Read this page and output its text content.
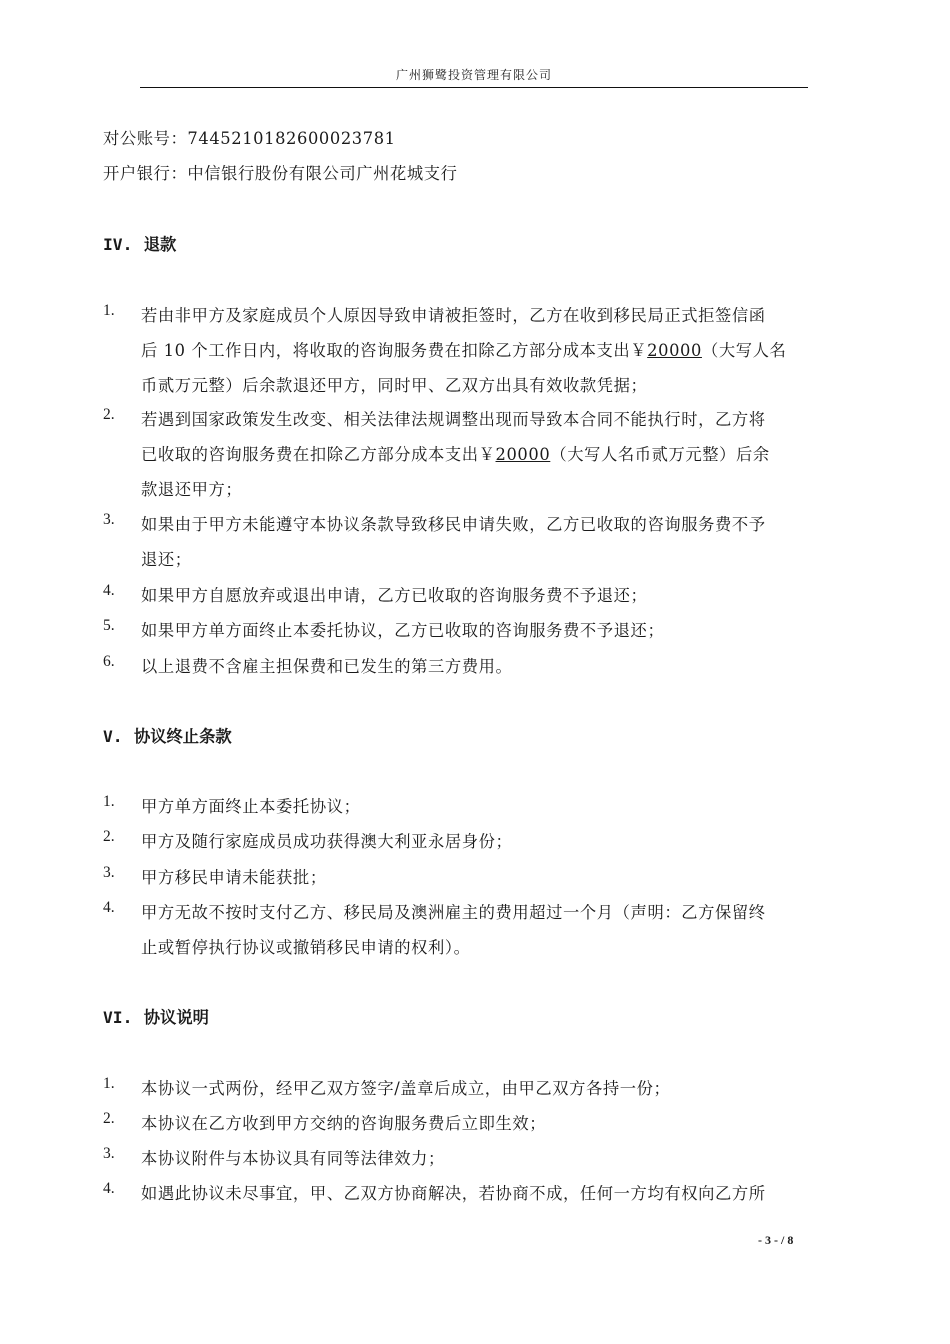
广州狮鹭投资管理有限公司
对公账号：7445210182600023781
开户银行：中信银行股份有限公司广州花城支行
IV. 退款
1. 若由非甲方及家庭成员个人原因导致申请被拒签时，乙方在收到移民局正式拒签信函
后 10 个工作日内，将收取的咨询服务费在扣除乙方部分成本支出￥20000（大写人名
币贰万元整）后余款退还甲方，同时甲、乙双方出具有效收款凭据；
2. 若遇到国家政策发生改变、相关法律法规调整出现而导致本合同不能执行时，乙方将
已收取的咨询服务费在扣除乙方部分成本支出￥20000（大写人名币贰万元整）后余
款退还甲方；
3. 如果由于甲方未能遵守本协议条款导致移民申请失败，乙方已收取的咨询服务费不予
退还；
4. 如果甲方自愿放弃或退出申请，乙方已收取的咨询服务费不予退还；
5. 如果甲方单方面终止本委托协议，乙方已收取的咨询服务费不予退还；
6. 以上退费不含雇主担保费和已发生的第三方费用。
V. 协议终止条款
1. 甲方单方面终止本委托协议；
2. 甲方及随行家庭成员成功获得澳大利亚永居身份；
3. 甲方移民申请未能获批；
4. 甲方无故不按时支付乙方、移民局及澳洲雇主的费用超过一个月（声明：乙方保留终
止或暂停执行协议或撤销移民申请的权利）。
VI. 协议说明
1. 本协议一式两份，经甲乙双方签字/盖章后成立，由甲乙双方各持一份；
2. 本协议在乙方收到甲方交纳的咨询服务费后立即生效；
3. 本协议附件与本协议具有同等法律效力；
4. 如遇此协议未尽事宜，甲、乙双方协商解决，若协商不成，任何一方均有权向乙方所
- 3 - / 8
